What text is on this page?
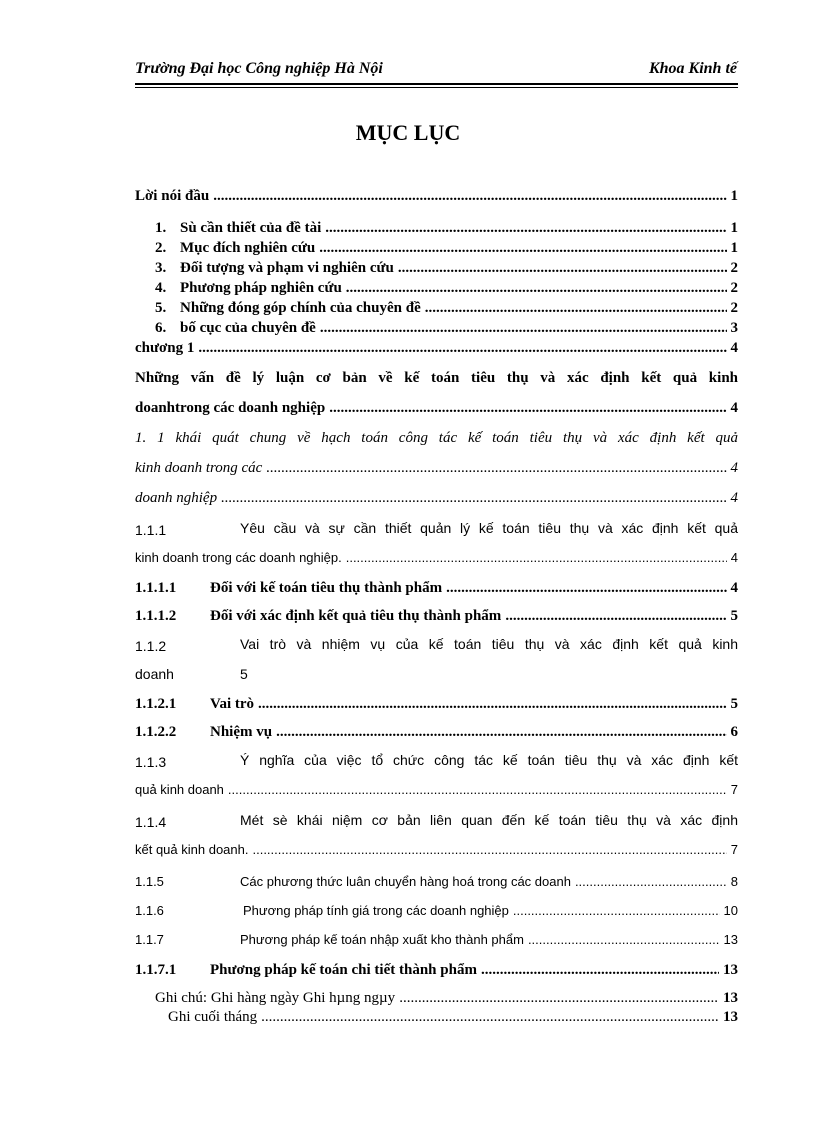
Trường Đại học Công nghiệp Hà Nội	Khoa Kinh tế
MỤC LỤC
Lời nói đầu .....	1
1. Sù cần thiết của đề tài .....	1
2. Mục đích nghiên cứu .....	1
3. Đối tượng và phạm vi nghiên cứu .....	2
4. Phương pháp nghiên cứu .....	2
5. Những đóng góp chính của chuyên đề .....	2
6. bố cục của chuyên đề .....	3
chương 1 .....	4
Những vấn đề lý luận cơ bản về kế toán tiêu thụ và xác định kết quả kinh
doanhtrong các doanh nghiệp .....	4
1. 1 khái quát chung về hạch toán công tác kế toán tiêu thụ và xác định kết quả
kinh doanh trong các .....	4
doanh nghiệp .....	4
1.1.1	Yêu cầu và sự cần thiết quản lý kế toán tiêu thụ và xác định kết quả
kinh doanh trong các doanh nghiệp. .....	4
1.1.1.1	Đối với kế toán tiêu thụ thành phẩm .....	4
1.1.1.2	Đối với xác định kết quả tiêu thụ thành phẩm .....	5
1.1.2	Vai trò và nhiệm vụ của kế toán tiêu thụ và xác định kết quả kinh
doanh	5
1.1.2.1	Vai trò .....	5
1.1.2.2	Nhiệm vụ .....	6
1.1.3	Ý nghĩa của việc tổ chức công tác kế toán tiêu thụ và xác định kết
quả kinh doanh .....	7
1.1.4	Mét sè khái niệm cơ bản liên quan đến kế toán tiêu thụ và xác định
kết quả kinh doanh. .....	7
1.1.5	Các phương thức luân chuyển hàng hoá trong các doanh .....	8
1.1.6	Phương pháp tính giá trong các doanh nghiệp .....	10
1.1.7	Phương pháp kế toán nhập xuất kho thành phẩm .....	13
1.1.7.1	Phương pháp kế toán chi tiết thành phẩm .....	13
Ghi chú: Ghi hàng ngày Ghi hµng ngµy .....	13
Ghi cuối tháng .....	13
